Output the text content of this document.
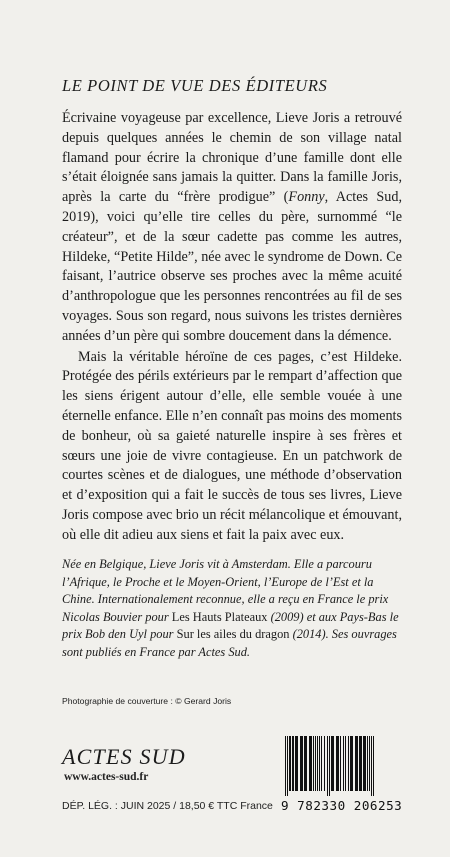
LE POINT DE VUE DES ÉDITEURS

Écrivaine voyageuse par excellence, Lieve Joris a retrouvé depuis quelques années le chemin de son village natal flamand pour écrire la chronique d’une famille dont elle s’était éloignée sans jamais la quitter. Dans la famille Joris, après la carte du “frère prodigue” (Fonny, Actes Sud, 2019), voici qu’elle tire celles du père, surnommé “le créateur”, et de la sœur cadette pas comme les autres, Hildeke, “Petite Hilde”, née avec le syndrome de Down. Ce faisant, l’autrice observe ses proches avec la même acuité d’anthropologue que les personnes rencontrées au fil de ses voyages. Sous son regard, nous suivons les tristes dernières années d’un père qui sombre doucement dans la démence.

Mais la véritable héroïne de ces pages, c’est Hildeke. Protégée des périls extérieurs par le rempart d’affection que les siens érigent autour d’elle, elle semble vouée à une éternelle enfance. Elle n’en connaît pas moins des moments de bonheur, où sa gaieté naturelle inspire à ses frères et sœurs une joie de vivre contagieuse. En un patchwork de courtes scènes et de dialogues, une méthode d’observation et d’exposition qui a fait le succès de tous ses livres, Lieve Joris compose avec brio un récit mélancolique et émouvant, où elle dit adieu aux siens et fait la paix avec eux.

Née en Belgique, Lieve Joris vit à Amsterdam. Elle a parcouru l’Afrique, le Proche et le Moyen-Orient, l’Europe de l’Est et la Chine. Internationalement reconnue, elle a reçu en France le prix Nicolas Bouvier pour Les Hauts Plateaux (2009) et aux Pays-Bas le prix Bob den Uyl pour Sur les ailes du dragon (2014). Ses ouvrages sont publiés en France par Actes Sud.
Photographie de couverture : © Gerard Joris
ACTES SUD
www.actes-sud.fr
DÉP. LÉG. : JUIN 2025 / 18,50 € TTC France 9 782330 206253
